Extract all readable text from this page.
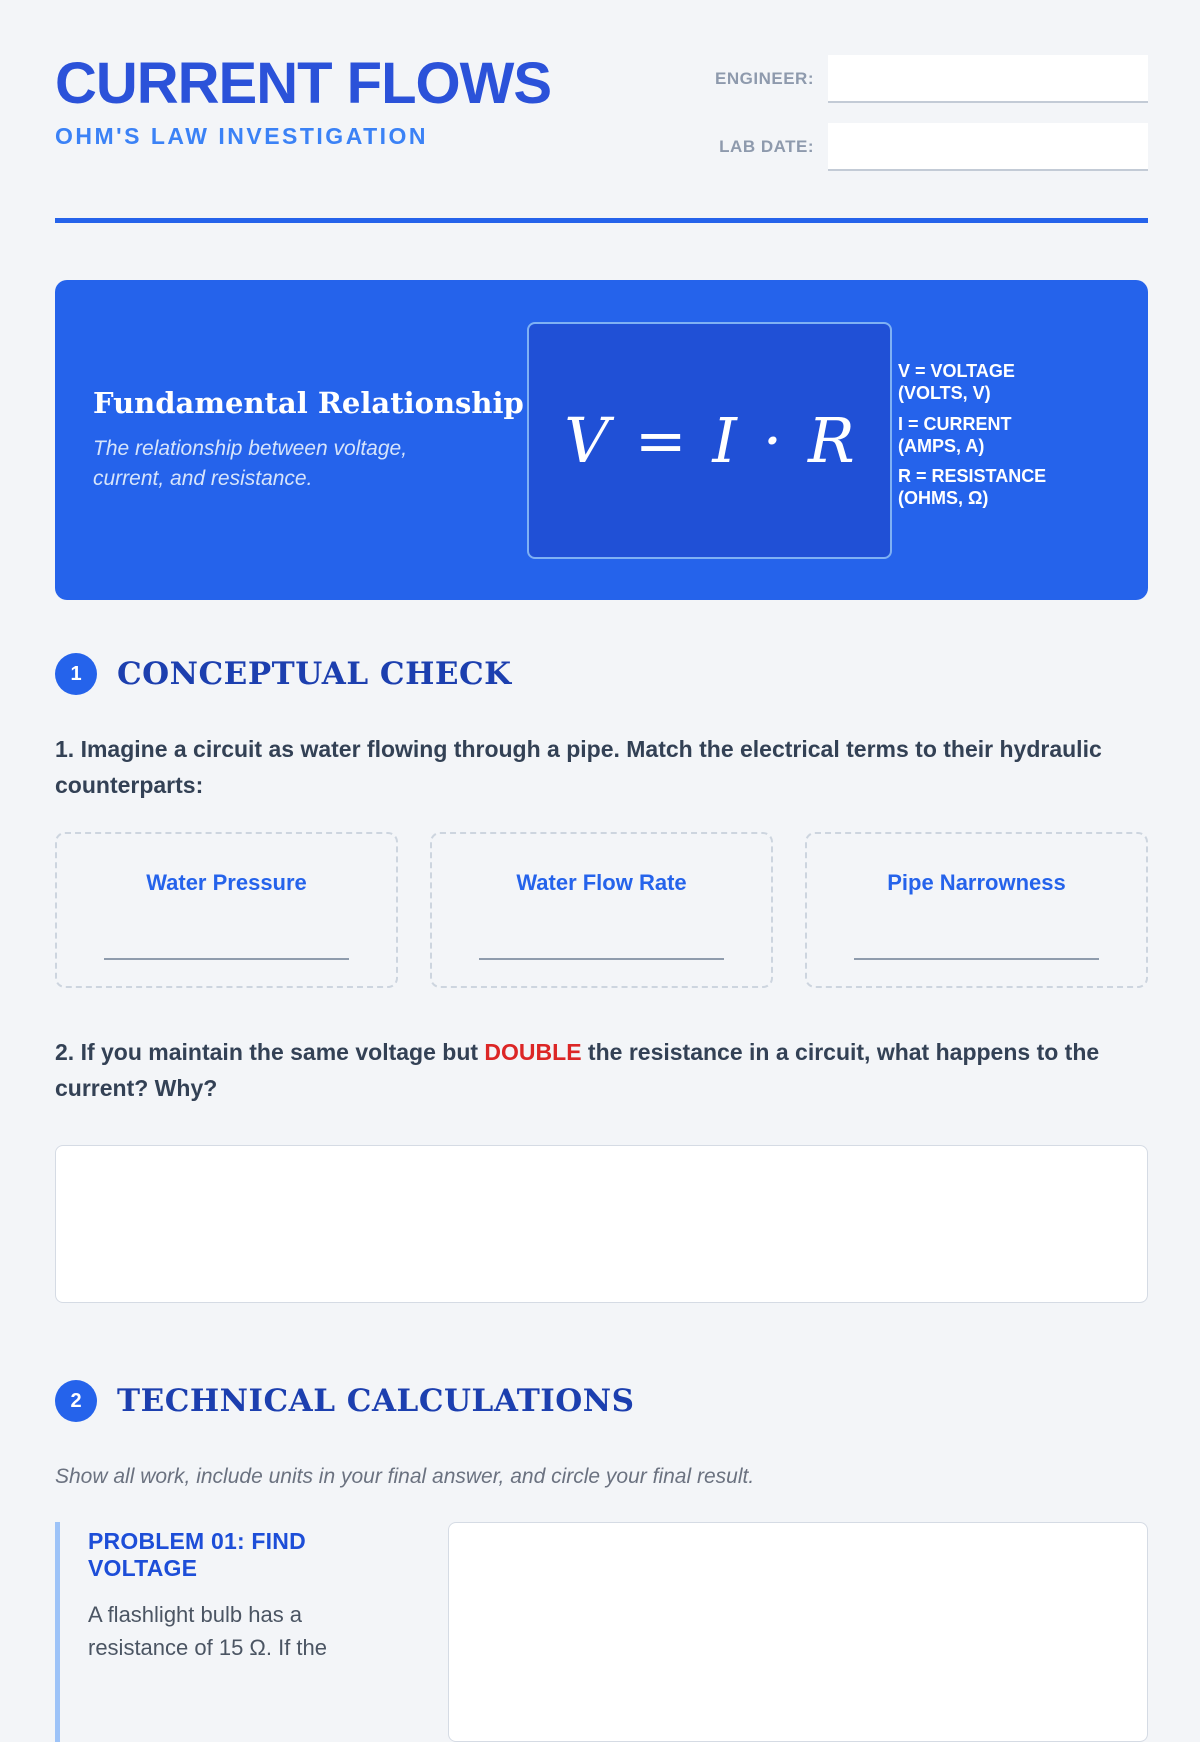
CURRENT FLOWS
OHM'S LAW INVESTIGATION
ENGINEER:
LAB DATE:
Fundamental Relationship
The relationship between voltage, current, and resistance.
V = I · R
V = VOLTAGE
(VOLTS, V)
I = CURRENT
(AMPS, A)
R = RESISTANCE
(OHMS, Ω)
1	CONCEPTUAL CHECK
1. Imagine a circuit as water flowing through a pipe. Match the electrical terms to their hydraulic counterparts:
Water Pressure	Water Flow Rate	Pipe Narrowness
2. If you maintain the same voltage but DOUBLE the resistance in a circuit, what happens to the current? Why?
2	TECHNICAL CALCULATIONS
Show all work, include units in your final answer, and circle your final result.
PROBLEM 01: FIND VOLTAGE
A flashlight bulb has a resistance of 15 Ω. If the
